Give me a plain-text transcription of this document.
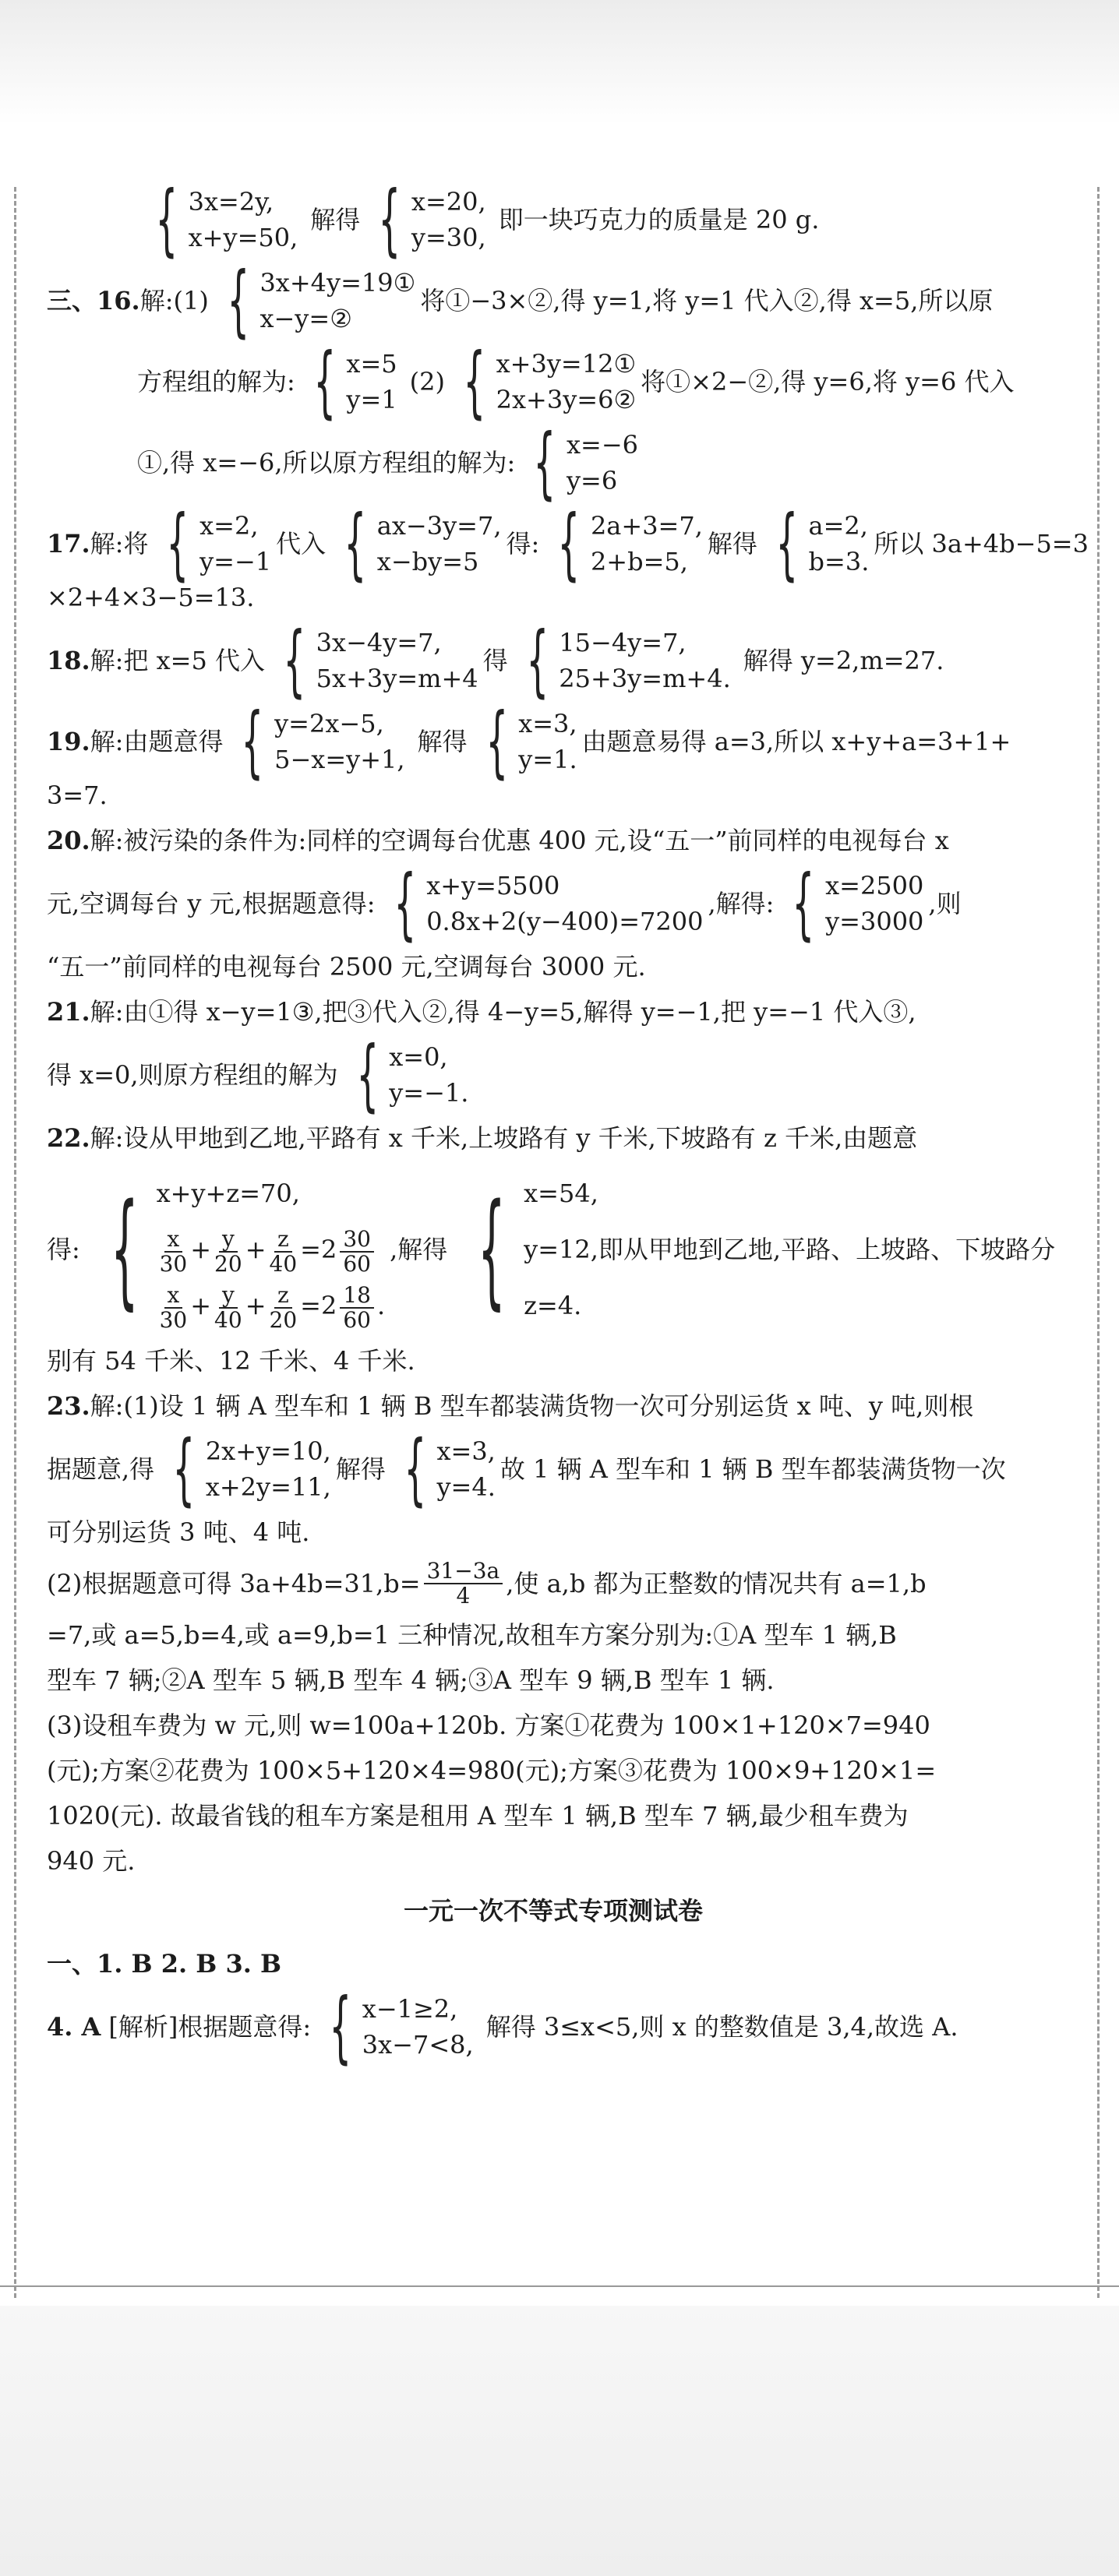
{ 3x=2y,
x+y=50,
解得 { x=20,
y=30,
即一块巧克力的质量是 20 g.
三、16. 解:(1) { 3x+4y=19①
x−y=②
将①−3×②,得 y=1,将 y=1 代入②,得 x=5,所以原
方程组的解为: { x=5
y=1
(2) { x+3y=12①
2x+3y=6②
将①×2−②,得 y=6,将 y=6 代入
①,得 x=−6,所以原方程组的解为: { x=−6
y=6
17. 解:将 { x=2,
y=−1
代入 { ax−3y=7,
x−by=5
得: { 2a+3=7,
2+b=5,
解得 { a=2,
b=3.
所以 3a+4b−5=3
×2+4×3−5=13.
18. 解:把 x=5 代入 { 3x−4y=7,
5x+3y=m+4
得 { 15−4y=7,
25+3y=m+4.
解得 y=2,m=27.
19. 解:由题意得 { y=2x−5,
5−x=y+1,
解得 { x=3,
y=1.
由题意易得 a=3,所以 x+y+a=3+1+
3=7.
20. 解:被污染的条件为:同样的空调每台优惠 400 元,设“五一”前同样的电视每台 x
元,空调每台 y 元,根据题意得: { x+y=5500
0.8x+2(y−400)=7200
,解得: { x=2500
y=3000
,则
“五一”前同样的电视每台 2500 元,空调每台 3000 元.
21. 解:由①得 x−y=1③,把③代入②,得 4−y=5,解得 y=−1,把 y=−1 代入③,
得 x=0,则原方程组的解为 { x=0,
y=−1.
22. 解:设从甲地到乙地,平路有 x 千米,上坡路有 y 千米,下坡路有 z 千米,由题意
得: { x+y+z=70,
$\frac{x}{30} + \frac{y}{20} + \frac{z}{40} =2 \frac{30}{60}$
$\frac{x}{30} + \frac{y}{40} + \frac{z}{20} =2 \frac{18}{60}$ .
,解得 { x=54,
y=12,即从甲地到乙地,平路、上坡路、下坡路分
z=4.
别有 54 千米、12 千米、4 千米.
23. 解:(1)设 1 辆 A 型车和 1 辆 B 型车都装满货物一次可分别运货 x 吨、y 吨,则根
据题意,得 { 2x+y=10,
x+2y=11,
解得 { x=3,
y=4.
故 1 辆 A 型车和 1 辆 B 型车都装满货物一次
可分别运货 3 吨、4 吨.
(2)根据题意可得 $3a+4b=31,b= \frac{31-3a}{4}$ ,使 a,b 都为正整数的情况共有 a=1,b
=7,或 a=5,b=4,或 a=9,b=1 三种情况,故租车方案分别为:①A 型车 1 辆,B
型车 7 辆;②A 型车 5 辆,B 型车 4 辆;③A 型车 9 辆,B 型车 1 辆.
(3)设租车费为 w 元,则 w=100a+120b. 方案①花费为 100×1+120×7=940
(元);方案②花费为 100×5+120×4=980(元);方案③花费为 100×9+120×1=
1020(元). 故最省钱的租车方案是租用 A 型车 1 辆,B 型车 7 辆,最少租车费为
940 元.
一元一次不等式专项测试卷
一、1. B 2. B 3. B
4. A [解析]根据题意得: { x−1≥2,
3x−7<8,
解得 3≤x<5,则 x 的整数值是 3,4,故选 A.
